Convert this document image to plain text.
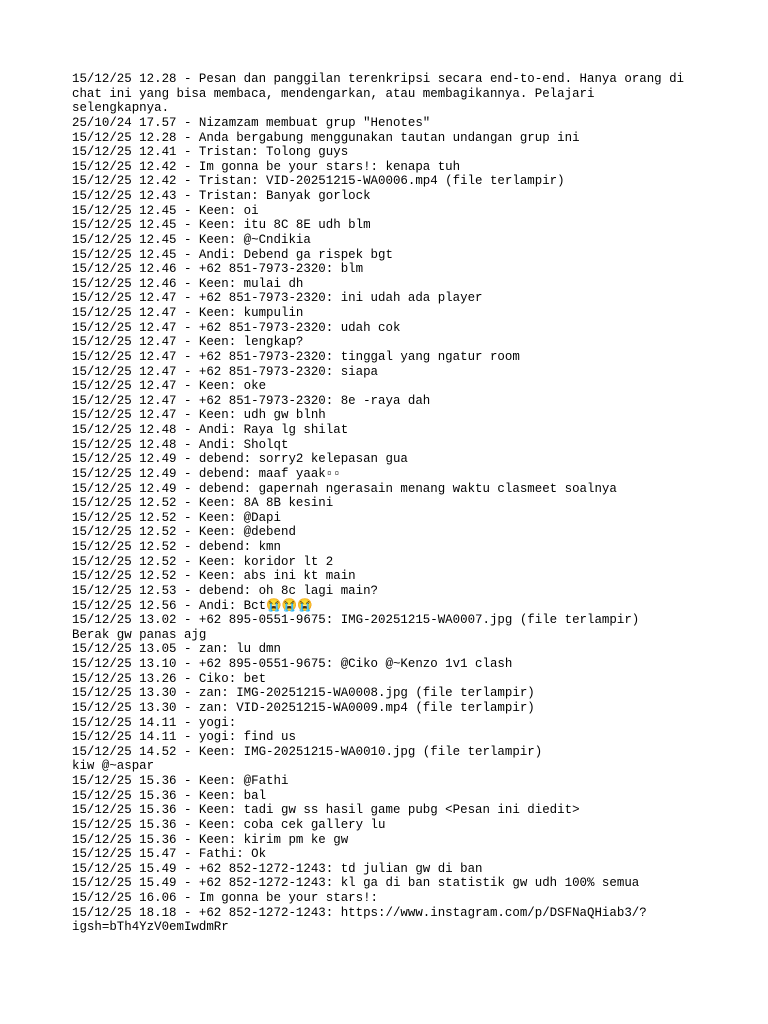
15/12/25 12.28 - Pesan dan panggilan terenkripsi secara end-to-end. Hanya orang di
chat ini yang bisa membaca, mendengarkan, atau membagikannya. Pelajari
selengkapnya.
25/10/24 17.57 - Nizamzam membuat grup "Henotes"
15/12/25 12.28 - Anda bergabung menggunakan tautan undangan grup ini
15/12/25 12.41 - Tristan: Tolong guys
15/12/25 12.42 - Im gonna be your stars!: kenapa tuh
15/12/25 12.42 - Tristan: VID-20251215-WA0006.mp4 (file terlampir)
15/12/25 12.43 - Tristan: Banyak gorlock
15/12/25 12.45 - Keen: oi
15/12/25 12.45 - Keen: itu 8C 8E udh blm
15/12/25 12.45 - Keen: @~Cndikia
15/12/25 12.45 - Andi: Debend ga rispek bgt
15/12/25 12.46 - +62 851-7973-2320: blm
15/12/25 12.46 - Keen: mulai dh
15/12/25 12.47 - +62 851-7973-2320: ini udah ada player
15/12/25 12.47 - Keen: kumpulin
15/12/25 12.47 - +62 851-7973-2320: udah cok
15/12/25 12.47 - Keen: lengkap?
15/12/25 12.47 - +62 851-7973-2320: tinggal yang ngatur room
15/12/25 12.47 - +62 851-7973-2320: siapa
15/12/25 12.47 - Keen: oke
15/12/25 12.47 - +62 851-7973-2320: 8e -raya dah
15/12/25 12.47 - Keen: udh gw blnh
15/12/25 12.48 - Andi: Raya lg shilat
15/12/25 12.48 - Andi: Sholqt
15/12/25 12.49 - debend: sorry2 kelepasan gua
15/12/25 12.49 - debend: maaf yaak▫▫
15/12/25 12.49 - debend: gapernah ngerasain menang waktu clasmeet soalnya
15/12/25 12.52 - Keen: 8A 8B kesini
15/12/25 12.52 - Keen: @Dapi
15/12/25 12.52 - Keen: @debend
15/12/25 12.52 - debend: kmn
15/12/25 12.52 - Keen: koridor lt 2
15/12/25 12.52 - Keen: abs ini kt main
15/12/25 12.53 - debend: oh 8c lagi main?
15/12/25 12.56 - Andi: Bct😭😭😭
15/12/25 13.02 - +62 895-0551-9675: IMG-20251215-WA0007.jpg (file terlampir)
Berak gw panas ajg
15/12/25 13.05 - zan: lu dmn
15/12/25 13.10 - +62 895-0551-9675: @Ciko @~Kenzo 1v1 clash
15/12/25 13.26 - Ciko: bet
15/12/25 13.30 - zan: IMG-20251215-WA0008.jpg (file terlampir)
15/12/25 13.30 - zan: VID-20251215-WA0009.mp4 (file terlampir)
15/12/25 14.11 - yogi:
15/12/25 14.11 - yogi: find us
15/12/25 14.52 - Keen: IMG-20251215-WA0010.jpg (file terlampir)
kiw @~aspar
15/12/25 15.36 - Keen: @Fathi
15/12/25 15.36 - Keen: bal
15/12/25 15.36 - Keen: tadi gw ss hasil game pubg <Pesan ini diedit>
15/12/25 15.36 - Keen: coba cek gallery lu
15/12/25 15.36 - Keen: kirim pm ke gw
15/12/25 15.47 - Fathi: Ok
15/12/25 15.49 - +62 852-1272-1243: td julian gw di ban
15/12/25 15.49 - +62 852-1272-1243: kl ga di ban statistik gw udh 100% semua
15/12/25 16.06 - Im gonna be your stars!:
15/12/25 18.18 - +62 852-1272-1243: https://www.instagram.com/p/DSFNaQHiab3/?
igsh=bTh4YzV0emIwdmRr
